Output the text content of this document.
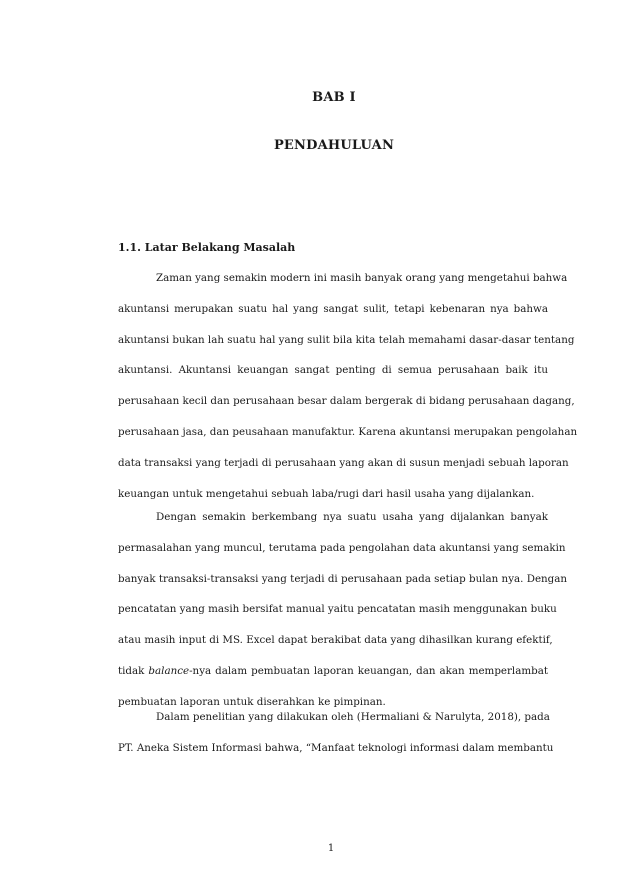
BAB I
PENDAHULUAN
1.1. Latar Belakang Masalah
Zaman yang semakin modern ini masih banyak orang yang mengetahui bahwa
akuntansi merupakan suatu hal yang sangat sulit, tetapi kebenaran nya bahwa
akuntansi bukan lah suatu hal yang sulit bila kita telah memahami dasar-dasar tentang
akuntansi. Akuntansi keuangan sangat penting di semua perusahaan baik itu
perusahaan kecil dan perusahaan besar dalam bergerak di bidang perusahaan dagang,
perusahaan jasa, dan peusahaan manufaktur. Karena akuntansi merupakan pengolahan
data transaksi yang terjadi di perusahaan yang akan di susun menjadi sebuah laporan
keuangan untuk mengetahui sebuah laba/rugi dari hasil usaha yang dijalankan.
Dengan semakin berkembang nya suatu usaha yang dijalankan banyak
permasalahan yang muncul, terutama pada pengolahan data akuntansi yang semakin
banyak transaksi-transaksi yang terjadi di perusahaan pada setiap bulan nya. Dengan
pencatatan yang masih bersifat manual yaitu pencatatan masih menggunakan buku
atau masih input di MS. Excel dapat berakibat data yang dihasilkan kurang efektif,
tidak balance-nya dalam pembuatan laporan keuangan, dan akan memperlambat
pembuatan laporan untuk diserahkan ke pimpinan.
Dalam penelitian yang dilakukan oleh (Hermaliani & Narulyta, 2018), pada
PT. Aneka Sistem Informasi bahwa, “Manfaat teknologi informasi dalam membantu
1
